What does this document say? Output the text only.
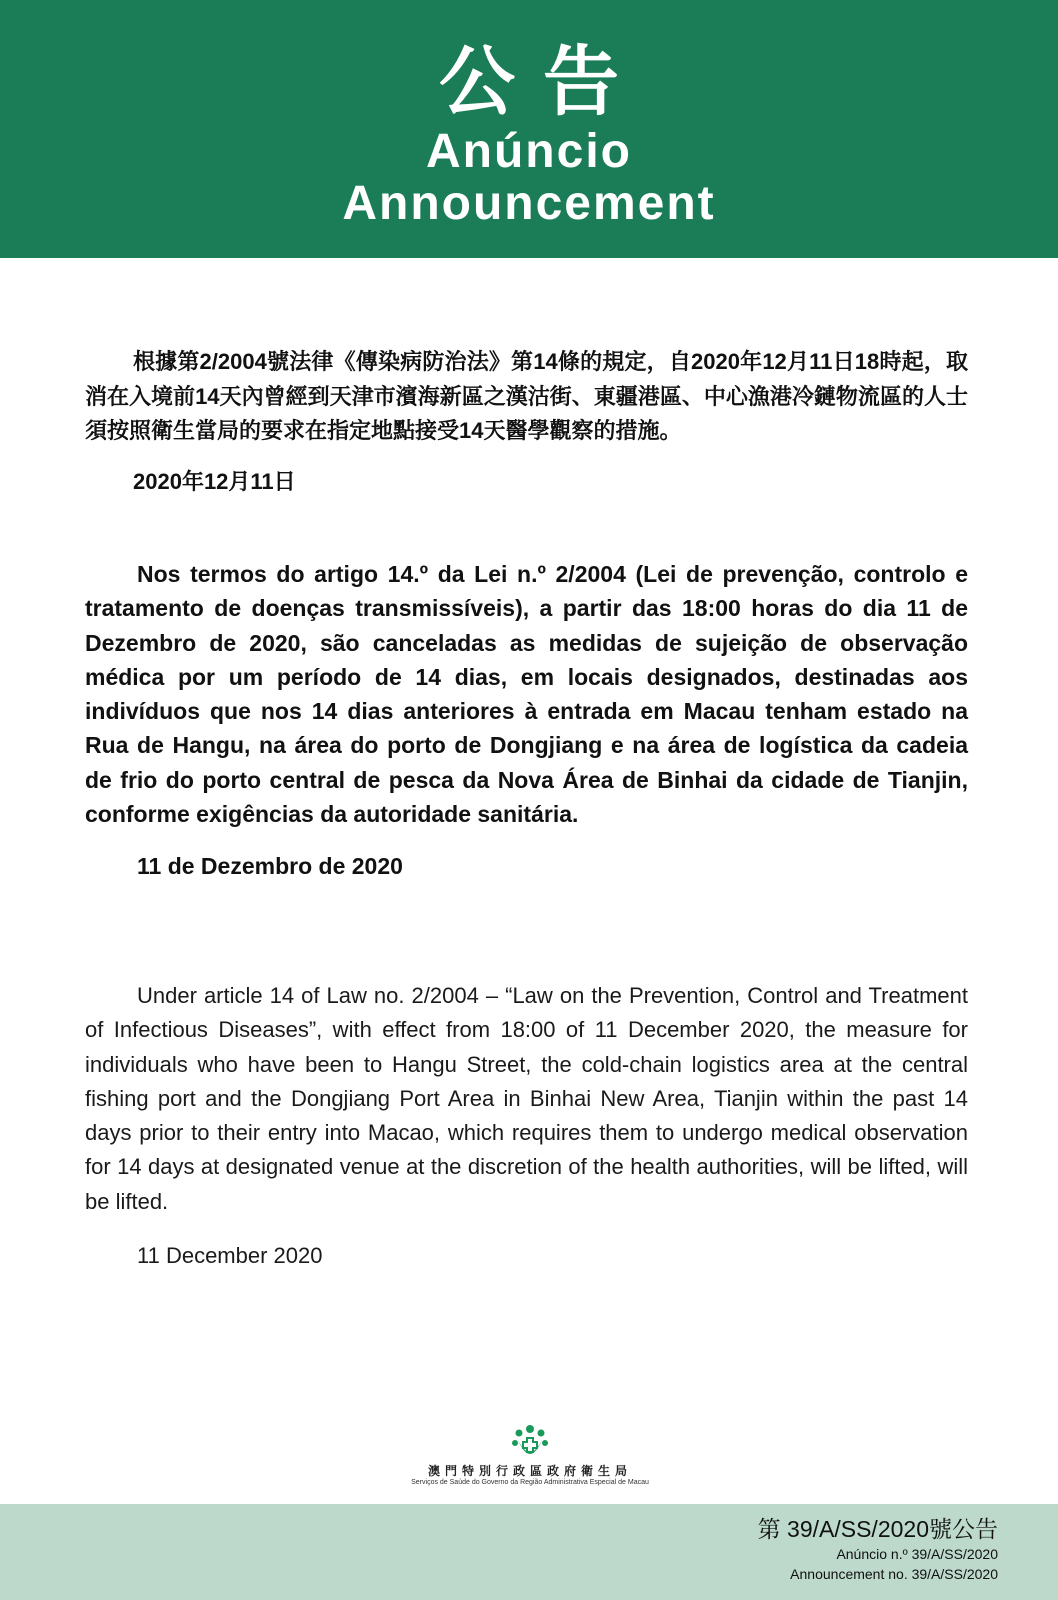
公告
Anúncio
Announcement

根據第2/2004號法律《傳染病防治法》第14條的規定，自2020年12月11日18時起，取消在入境前14天內曾經到天津市濱海新區之漢沽街、東疆港區、中心漁港冷鏈物流區的人士須按照衛生當局的要求在指定地點接受14天醫學觀察的措施。

2020年12月11日

Nos termos do artigo 14.º da Lei n.º 2/2004 (Lei de prevenção, controlo e tratamento de doenças transmissíveis), a partir das 18:00 horas do dia 11 de Dezembro de 2020, são canceladas as medidas de sujeição de observação médica por um período de 14 dias, em locais designados, destinadas aos indivíduos que nos 14 dias anteriores à entrada em Macau tenham estado na Rua de Hangu, na área do porto de Dongjiang e na área de logística da cadeia de frio do porto central de pesca da Nova Área de Binhai da cidade de Tianjin, conforme exigências da autoridade sanitária.

11 de Dezembro de 2020

Under article 14 of Law no. 2/2004 – “Law on the Prevention, Control and Treatment of Infectious Diseases”, with effect from 18:00 of 11 December 2020, the measure for individuals who have been to Hangu Street, the cold-chain logistics area at the central fishing port and the Dongjiang Port Area in Binhai New Area, Tianjin within the past 14 days prior to their entry into Macao, which requires them to undergo medical observation for 14 days at designated venue at the discretion of the health authorities, will be lifted, will be lifted.

11 December 2020

澳門特別行政區政府衛生局
Serviços de Saúde do Governo da Região Administrativa Especial de Macau
第 39/A/SS/2020號公告
Anúncio n.º 39/A/SS/2020
Announcement no. 39/A/SS/2020
